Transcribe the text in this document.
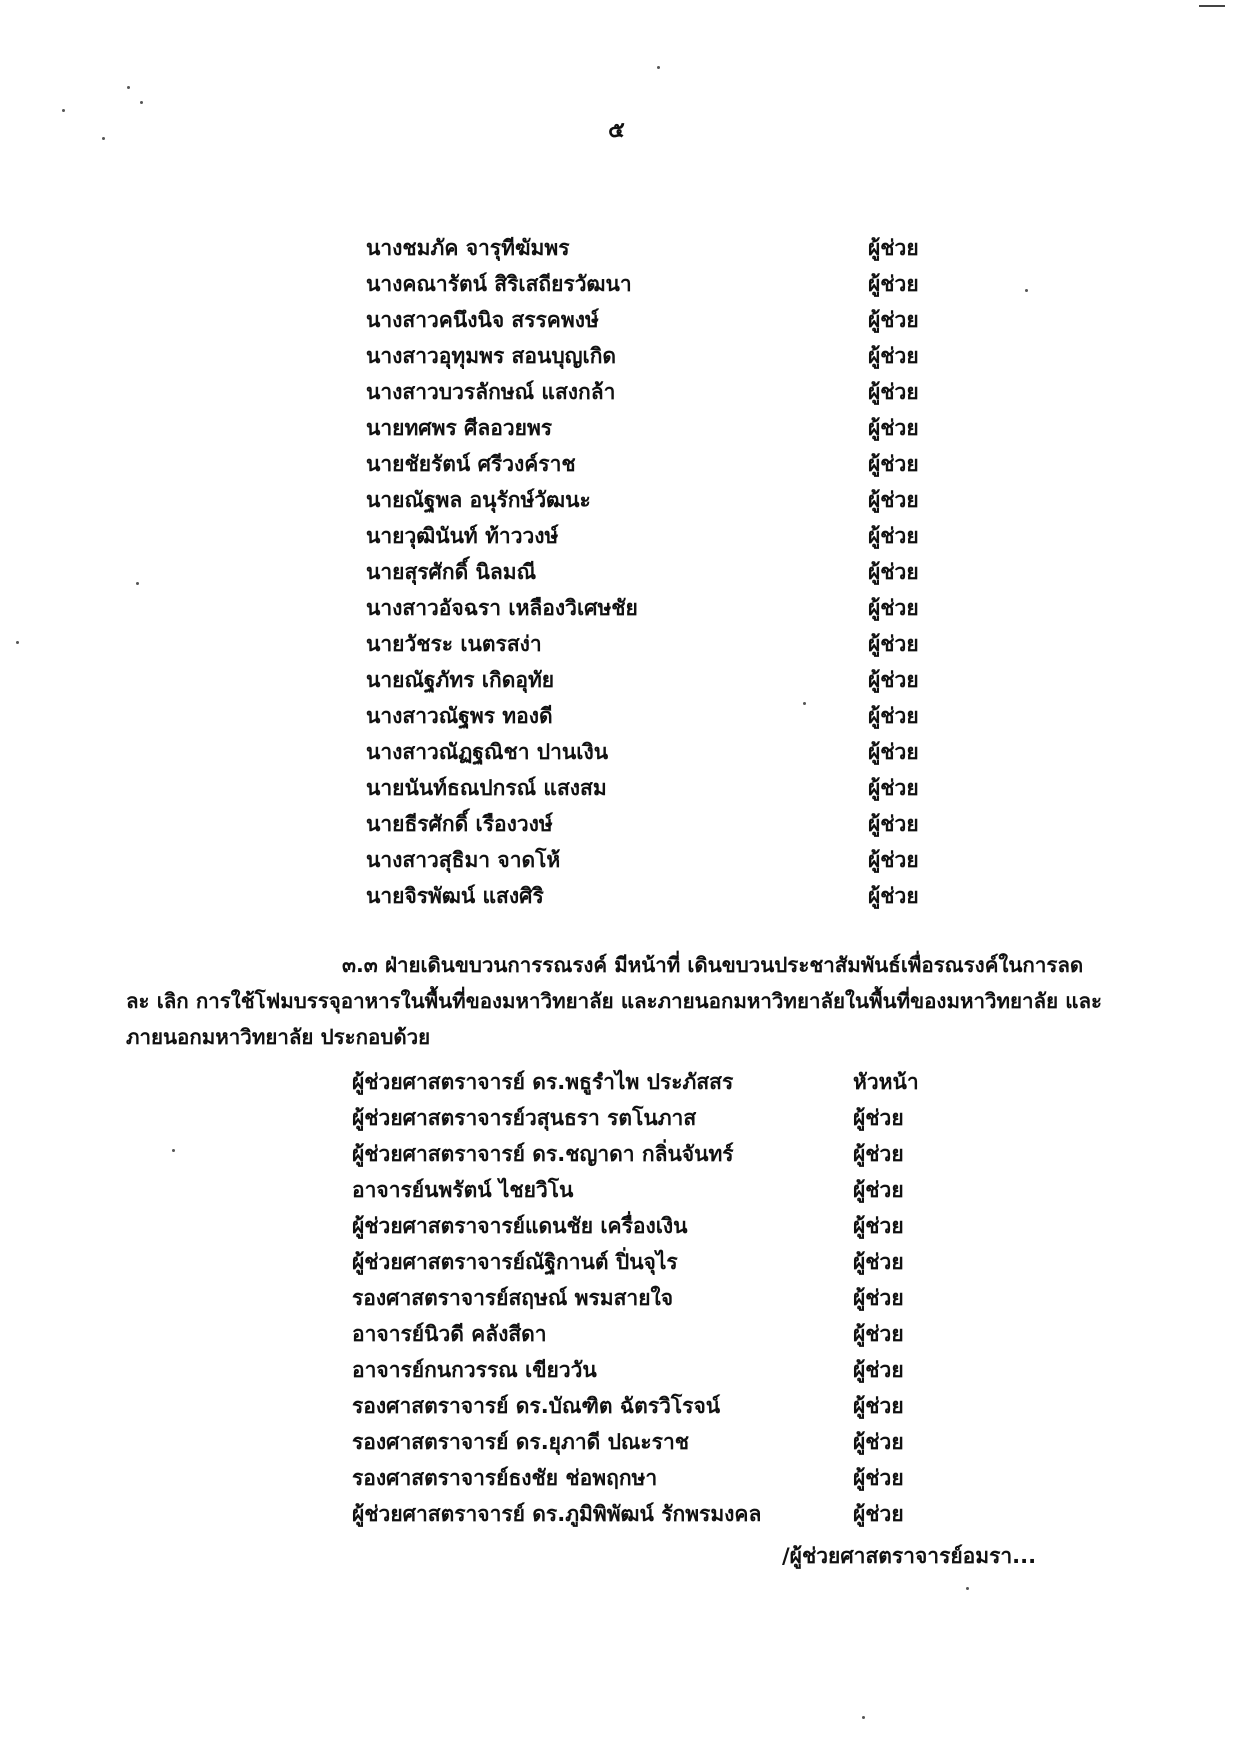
๕
นางชมภัค จารุทีฆัมพร	ผู้ช่วย
นางคณารัตน์ สิริเสถียรวัฒนา	ผู้ช่วย
นางสาวคนึงนิจ สรรคพงษ์	ผู้ช่วย
นางสาวอุทุมพร สอนบุญเกิด	ผู้ช่วย
นางสาวบวรลักษณ์ แสงกล้า	ผู้ช่วย
นายทศพร ศีลอวยพร	ผู้ช่วย
นายชัยรัตน์ ศรีวงค์ราช	ผู้ช่วย
นายณัฐพล อนุรักษ์วัฒนะ	ผู้ช่วย
นายวุฒินันท์ ท้าววงษ์	ผู้ช่วย
นายสุรศักดิ์ นิลมณี	ผู้ช่วย
นางสาวอัจฉรา เหลืองวิเศษชัย	ผู้ช่วย
นายวัชระ เนตรสง่า	ผู้ช่วย
นายณัฐภัทร เกิดอุทัย	ผู้ช่วย
นางสาวณัฐพร ทองดี	ผู้ช่วย
นางสาวณัฏฐณิชา ปานเงิน	ผู้ช่วย
นายนันท์ธณปกรณ์ แสงสม	ผู้ช่วย
นายธีรศักดิ์ เรืองวงษ์	ผู้ช่วย
นางสาวสุธิมา จาดโห้	ผู้ช่วย
นายจิรพัฒน์ แสงศิริ	ผู้ช่วย
๓.๓ ฝ่ายเดินขบวนการรณรงค์ มีหน้าที่ เดินขบวนประชาสัมพันธ์เพื่อรณรงค์ในการลด
ละ เลิก การใช้โฟมบรรจุอาหารในพื้นที่ของมหาวิทยาลัย และภายนอกมหาวิทยาลัยในพื้นที่ของมหาวิทยาลัย และ
ภายนอกมหาวิทยาลัย ประกอบด้วย
ผู้ช่วยศาสตราจารย์ ดร.พธูรำไพ ประภัสสร	หัวหน้า
ผู้ช่วยศาสตราจารย์วสุนธรา รตโนภาส	ผู้ช่วย
ผู้ช่วยศาสตราจารย์ ดร.ชญาดา กลิ่นจันทร์	ผู้ช่วย
อาจารย์นพรัตน์ ไชยวิโน	ผู้ช่วย
ผู้ช่วยศาสตราจารย์แดนชัย เครื่องเงิน	ผู้ช่วย
ผู้ช่วยศาสตราจารย์ณัฐิกานต์ ปิ่นจุไร	ผู้ช่วย
รองศาสตราจารย์สฤษณ์ พรมสายใจ	ผู้ช่วย
อาจารย์นิวดี คลังสีดา	ผู้ช่วย
อาจารย์กนกวรรณ เขียววัน	ผู้ช่วย
รองศาสตราจารย์ ดร.บัณฑิต ฉัตรวิโรจน์	ผู้ช่วย
รองศาสตราจารย์ ดร.ยุภาดี ปณะราช	ผู้ช่วย
รองศาสตราจารย์ธงชัย ช่อพฤกษา	ผู้ช่วย
ผู้ช่วยศาสตราจารย์ ดร.ภูมิพิพัฒน์ รักพรมงคล	ผู้ช่วย
/ผู้ช่วยศาสตราจารย์อมรา...
